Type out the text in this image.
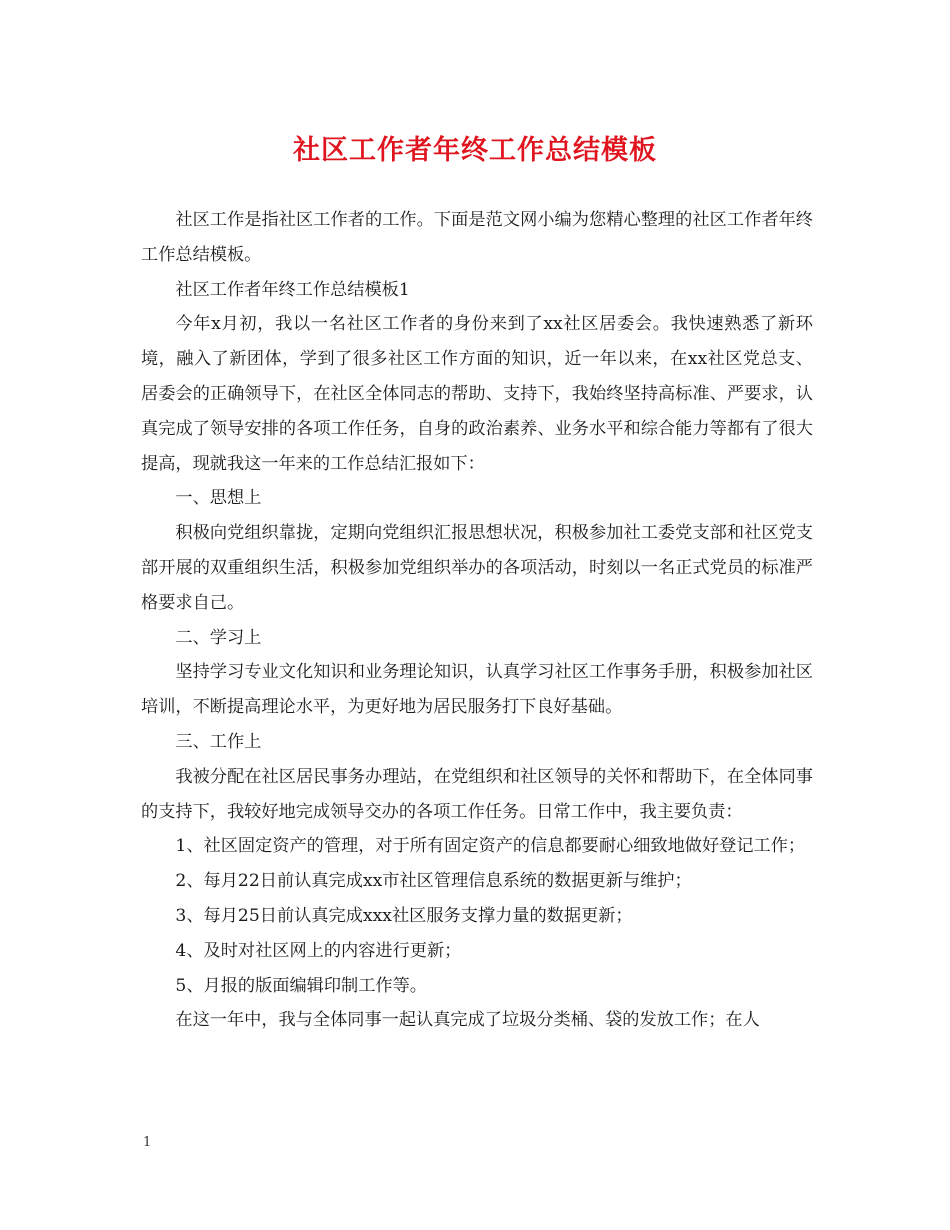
社区工作者年终工作总结模板

社区工作是指社区工作者的工作。下面是范文网小编为您精心整理的社区工作者年终工作总结模板。

社区工作者年终工作总结模板1

今年x月初，我以一名社区工作者的身份来到了xx社区居委会。我快速熟悉了新环境，融入了新团体，学到了很多社区工作方面的知识，近一年以来，在xx社区党总支、居委会的正确领导下，在社区全体同志的帮助、支持下，我始终坚持高标准、严要求，认真完成了领导安排的各项工作任务，自身的政治素养、业务水平和综合能力等都有了很大提高，现就我这一年来的工作总结汇报如下：

一、思想上

积极向党组织靠拢，定期向党组织汇报思想状况，积极参加社工委党支部和社区党支部开展的双重组织生活，积极参加党组织举办的各项活动，时刻以一名正式党员的标准严格要求自己。

二、学习上

坚持学习专业文化知识和业务理论知识，认真学习社区工作事务手册，积极参加社区培训，不断提高理论水平，为更好地为居民服务打下良好基础。

三、工作上

我被分配在社区居民事务办理站，在党组织和社区领导的关怀和帮助下，在全体同事的支持下，我较好地完成领导交办的各项工作任务。日常工作中，我主要负责：

1、社区固定资产的管理，对于所有固定资产的信息都要耐心细致地做好登记工作；

2、每月22日前认真完成xx市社区管理信息系统的数据更新与维护；

3、每月25日前认真完成xxx社区服务支撑力量的数据更新；

4、及时对社区网上的内容进行更新；

5、月报的版面编辑印制工作等。

在这一年中，我与全体同事一起认真完成了垃圾分类桶、袋的发放工作；在人

1
